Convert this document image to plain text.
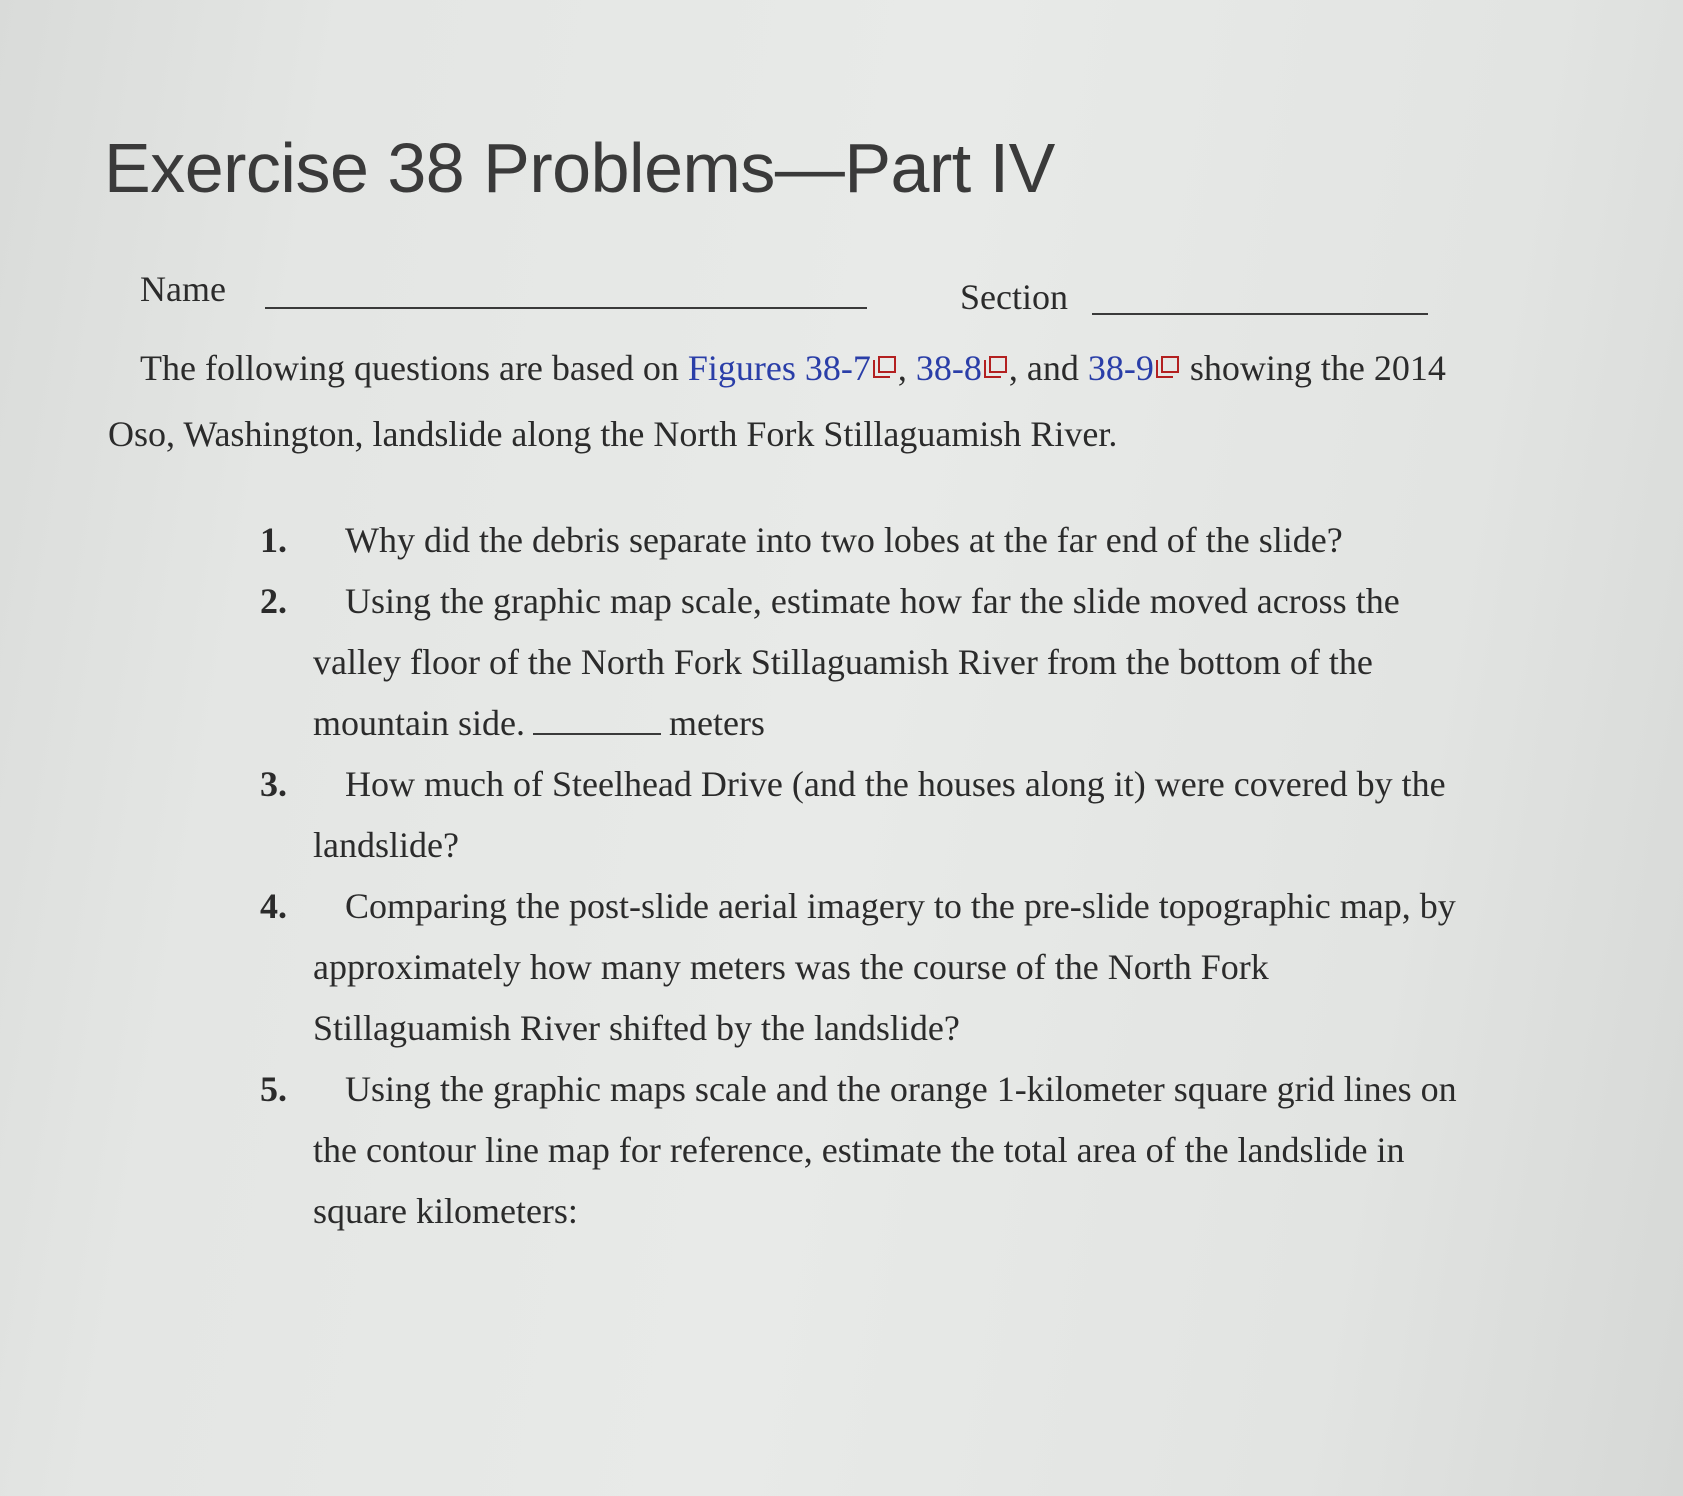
Exercise 38 Problems—Part IV
Name	Section
The following questions are based on Figures 38-7 , 38-8 , and 38-9 showing the 2014
Oso, Washington, landslide along the North Fork Stillaguamish River.
1.	Why did the debris separate into two lobes at the far end of the slide?
2.	Using the graphic map scale, estimate how far the slide moved across the
valley floor of the North Fork Stillaguamish River from the bottom of the
mountain side.	meters
3.	How much of Steelhead Drive (and the houses along it) were covered by the
landslide?
4.	Comparing the post-slide aerial imagery to the pre-slide topographic map, by
approximately how many meters was the course of the North Fork
Stillaguamish River shifted by the landslide?
5.	Using the graphic maps scale and the orange 1-kilometer square grid lines on
the contour line map for reference, estimate the total area of the landslide in
square kilometers:
